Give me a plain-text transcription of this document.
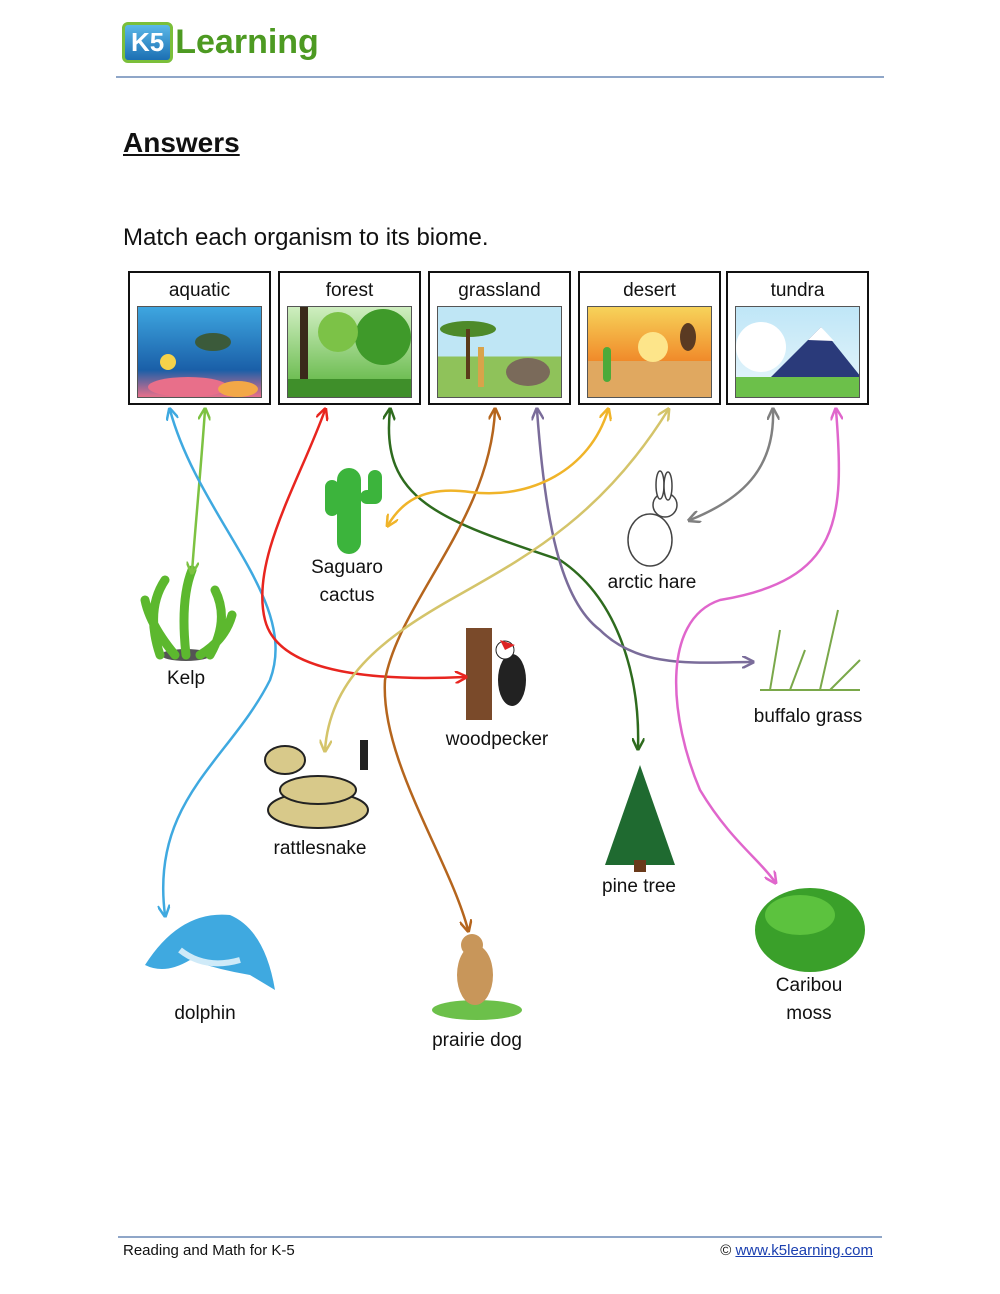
K5 Learning
Answers
Match each organism to its biome.
aquatic	forest	grassland	desert	tundra
Saguaro
cactus
arctic hare
Kelp
woodpecker
buffalo grass
rattlesnake
pine tree
dolphin
prairie dog
Caribou
moss
Reading and Math for K-5	© www.k5learning.com
